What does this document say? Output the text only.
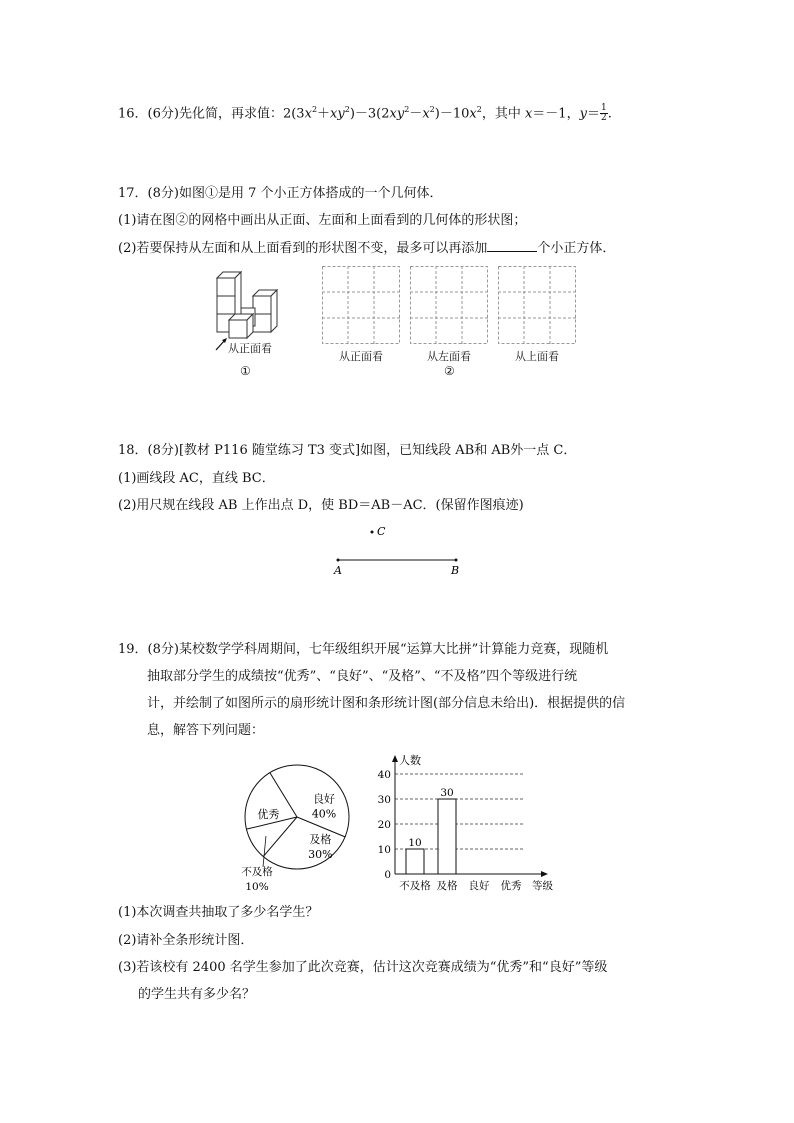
16．(6分)先化简，再求值：$2(3x^2+xy^2)-3(2xy^2-x^2)-10x^2$，其中 x＝－1，$y= \frac{1}{2}$ .
17．(8分)如图①是用 7 个小正方体搭成的一个几何体．
(1)请在图②的网格中画出从正面、左面和上面看到的几何体的形状图；
(2)若要保持从左面和从上面看到的形状图不变，最多可以再添加	个小正方体．
从正面看
①
从正面看	从左面看	从上面看
②
18．(8分)[教材 P116 随堂练习 T3 变式]如图，已知线段 AB和 AB外一点 C．
(1)画线段 AC，直线 BC．
(2)用尺规在线段 AB 上作出点 D，使 BD＝AB－AC．(保留作图痕迹)
C
A	B
19．(8分)某校数学学科周期间，七年级组织开展“运算大比拼”计算能力竞赛，现随机
抽取部分学生的成绩按“优秀”、“良好”、“及格”、“不及格”四个等级进行统
计，并绘制了如图所示的扇形统计图和条形统计图(部分信息未给出)．根据提供的信
息，解答下列问题：
良好
40%
及格
30%
不及格
10%
优秀
0
10
20
30
40
人数
等级
不及格
10
及格
30
良好 优秀
(1)本次调查共抽取了多少名学生？
(2)请补全条形统计图．
(3)若该校有 2400 名学生参加了此次竞赛，估计这次竞赛成绩为“优秀”和“良好”等级
的学生共有多少名？
